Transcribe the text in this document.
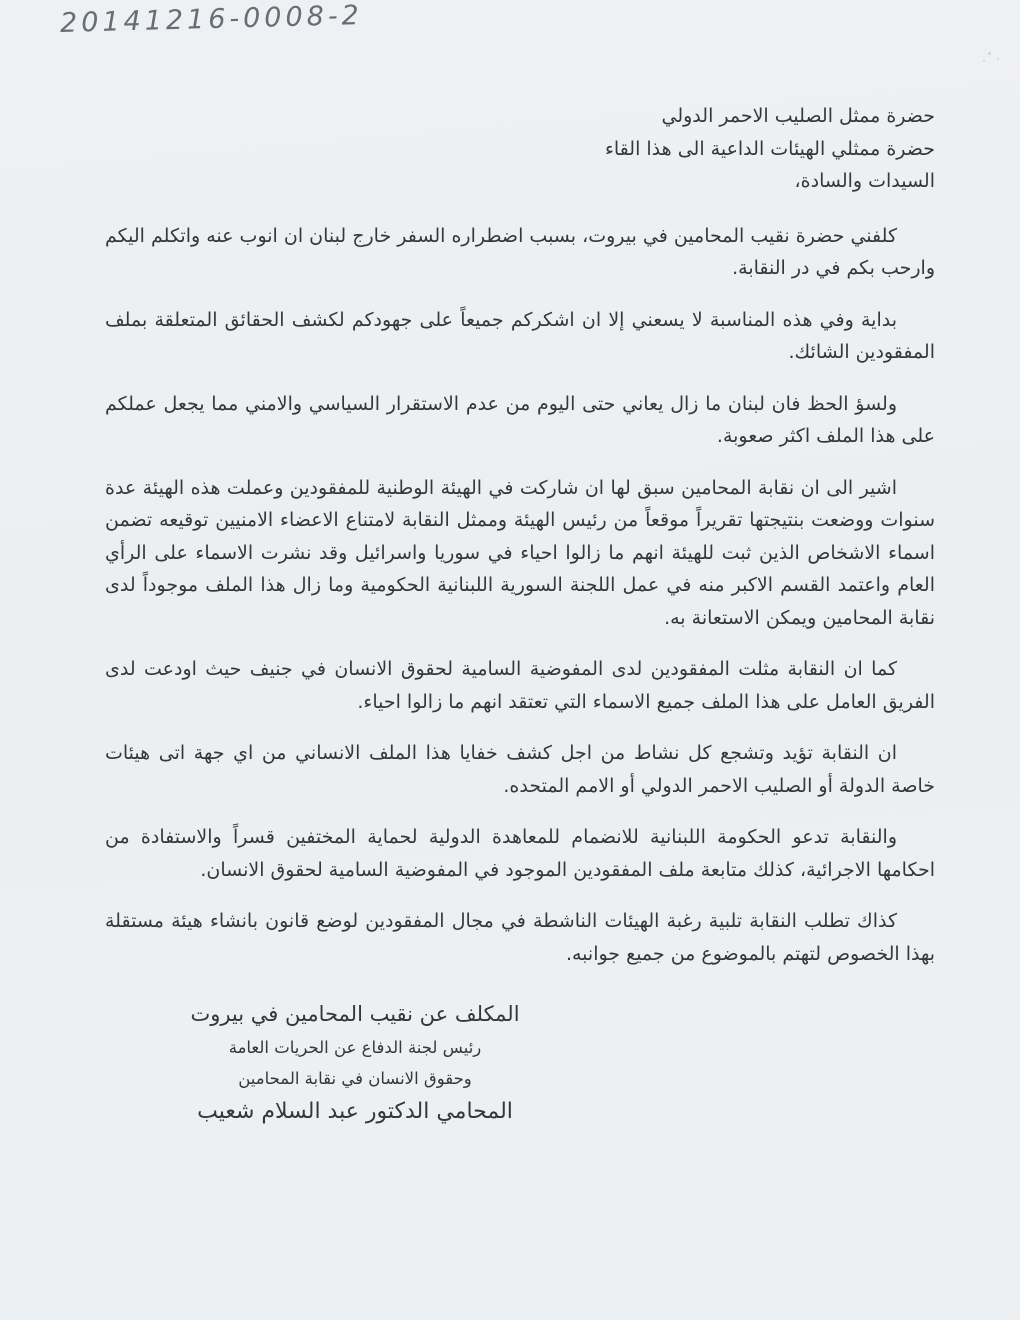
20141216-0008-2
حضرة ممثل الصليب الاحمر الدولي
حضرة ممثلي الهيئات الداعية الى هذا القاء
السيدات والسادة،

كلفني حضرة نقيب المحامين في بيروت، بسبب اضطراره السفر خارج لبنان ان انوب عنه واتكلم اليكم وارحب بكم في در النقابة.

بداية وفي هذه المناسبة لا يسعني إلا ان اشكركم جميعاً على جهودكم لكشف الحقائق المتعلقة بملف المفقودين الشائك.

ولسؤ الحظ فان لبنان ما زال يعاني حتى اليوم من عدم الاستقرار السياسي والامني مما يجعل عملكم على هذا الملف اكثر صعوبة.

اشير الى ان نقابة المحامين سبق لها ان شاركت في الهيئة الوطنية للمفقودين وعملت هذه الهيئة عدة سنوات ووضعت بنتيجتها تقريراً موقعاً من رئيس الهيئة وممثل النقابة لامتناع الاعضاء الامنيين توقيعه تضمن اسماء الاشخاص الذين ثبت للهيئة انهم ما زالوا احياء في سوريا واسرائيل وقد نشرت الاسماء على الرأي العام واعتمد القسم الاكبر منه في عمل اللجنة السورية اللبنانية الحكومية وما زال هذا الملف موجوداً لدى نقابة المحامين ويمكن الاستعانة به.

كما ان النقابة مثلت المفقودين لدى المفوضية السامية لحقوق الانسان في جنيف حيث اودعت لدى الفريق العامل على هذا الملف جميع الاسماء التي تعتقد انهم ما زالوا احياء.

ان النقابة تؤيد وتشجع كل نشاط من اجل كشف خفايا هذا الملف الانساني من اي جهة اتى هيئات خاصة الدولة أو الصليب الاحمر الدولي أو الامم المتحده.

والنقابة تدعو الحكومة اللبنانية للانضمام للمعاهدة الدولية لحماية المختفين قسراً والاستفادة من احكامها الاجرائية، كذلك متابعة ملف المفقودين الموجود في المفوضية السامية لحقوق الانسان.

كذاك تطلب النقابة تلبية رغبة الهيئات الناشطة في مجال المفقودين لوضع قانون بانشاء هيئة مستقلة بهذا الخصوص لتهتم بالموضوع من جميع جوانبه.

المكلف عن نقيب المحامين في بيروت
رئيس لجنة الدفاع عن الحريات العامة
وحقوق الانسان في نقابة المحامين
المحامي الدكتور عبد السلام شعيب
